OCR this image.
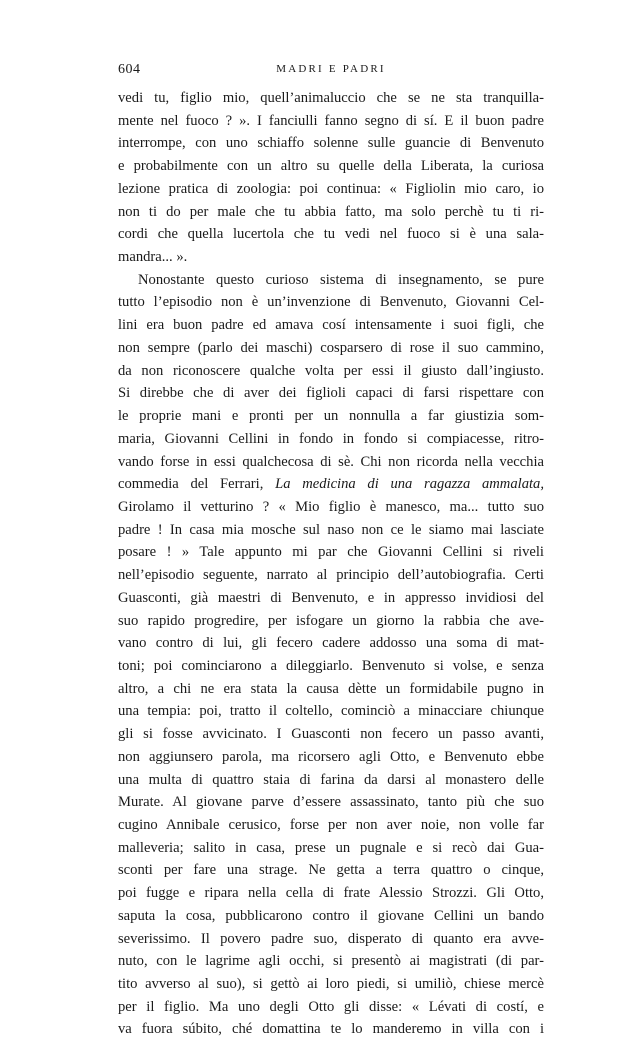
604	MADRI E PADRI
vedi tu, figlio mio, quell’animaluccio che se ne sta tranquilla-
mente nel fuoco ? ». I fanciulli fanno segno di sí. E il buon padre
interrompe, con uno schiaffo solenne sulle guancie di Benvenuto
e probabilmente con un altro su quelle della Liberata, la curiosa
lezione pratica di zoologia: poi continua: « Figliolin mio caro, io
non ti do per male che tu abbia fatto, ma solo perchè tu ti ri-
cordi che quella lucertola che tu vedi nel fuoco si è una sala-
mandra... ».
Nonostante questo curioso sistema di insegnamento, se pure
tutto l’episodio non è un’invenzione di Benvenuto, Giovanni Cel-
lini era buon padre ed amava cosí intensamente i suoi figli, che
non sempre (parlo dei maschi) cosparsero di rose il suo cammino,
da non riconoscere qualche volta per essi il giusto dall’ingiusto.
Si direbbe che di aver dei figlioli capaci di farsi rispettare con
le proprie mani e pronti per un nonnulla a far giustizia som-
maria, Giovanni Cellini in fondo in fondo si compiacesse, ritro-
vando forse in essi qualchecosa di sè. Chi non ricorda nella vecchia
commedia del Ferrari, La medicina di una ragazza ammalata,
Girolamo il vetturino ? « Mio figlio è manesco, ma... tutto suo
padre ! In casa mia mosche sul naso non ce le siamo mai lasciate
posare ! » Tale appunto mi par che Giovanni Cellini si riveli
nell’episodio seguente, narrato al principio dell’autobiografia. Certi
Guasconti, già maestri di Benvenuto, e in appresso invidiosi del
suo rapido progredire, per isfogare un giorno la rabbia che ave-
vano contro di lui, gli fecero cadere addosso una soma di mat-
toni; poi cominciarono a dileggiarlo. Benvenuto si volse, e senza
altro, a chi ne era stata la causa dètte un formidabile pugno in
una tempia: poi, tratto il coltello, cominciò a minacciare chiunque
gli si fosse avvicinato. I Guasconti non fecero un passo avanti,
non aggiunsero parola, ma ricorsero agli Otto, e Benvenuto ebbe
una multa di quattro staia di farina da darsi al monastero delle
Murate. Al giovane parve d’essere assassinato, tanto più che suo
cugino Annibale cerusico, forse per non aver noie, non volle far
malleveria; salito in casa, prese un pugnale e si recò dai Gua-
sconti per fare una strage. Ne getta a terra quattro o cinque,
poi fugge e ripara nella cella di frate Alessio Strozzi. Gli Otto,
saputa la cosa, pubblicarono contro il giovane Cellini un bando
severissimo. Il povero padre suo, disperato di quanto era avve-
nuto, con le lagrime agli occhi, si presentò ai magistrati (di par-
tito avverso al suo), si gettò ai loro piedi, si umiliò, chiese mercè
per il figlio. Ma uno degli Otto gli disse: « Lévati di costí, e
va fuora súbito, ché domattina te lo manderemo in villa con i
